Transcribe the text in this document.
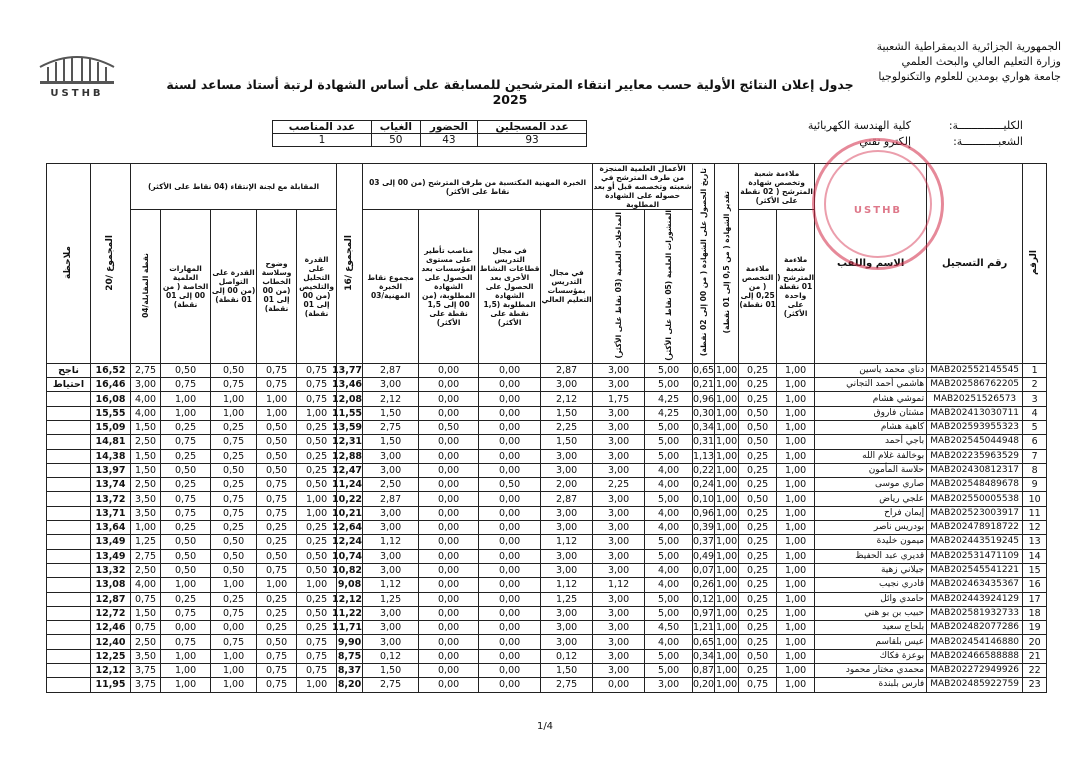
USTHB
الجمهورية الجزائرية الديمقراطية الشعبية
وزارة التعليم العالي والبحث العلمي
جامعة هواري بومدين للعلوم والتكنولوجيا
جدول إعلان النتائج الأولية حسب معايير انتقاء المترشحين للمسابقة على أساس الشهادة لرتبة أستاذ مساعد لسنة 2025
الكليــــــــــــــة:
كلية الهندسة الكهربائية
الشعبـــــــــــة:
إلكترو تقني
عدد المناصب	الغياب	الحضور	عدد المسجلين
1	50	43	93
الرقم	رقم التسجيل	الاسم واللقب	ملاءمة شعبة وتخصص شهادة المترشح ( 02 نقطة على الأكثر)		تقدير الشهادة ( من 0,5 إلى 01 نقطة)	تاريخ الحصول على الشهادة ( من 00 إلى 02 نقطة)	الأعمال العلمية المنجزة من طرف المترشح في شعبته وتخصصه قبل أو بعد حصوله على الشهادة المطلوبة		الخبرة المهنية المكتسبة من طرف المترشح (من 00 إلى 03 نقاط على الأكثر)				المجموع /16	المقابلة مع لجنة الإنتقاء (04 نقاط على الأكثر)					المجموع /20	ملاحظة
			ملاءمة شعبة المترشح ( 01 نقطة واحدة على الأكثر)	ملاءمة التخصص ( من 0,25 إلى 01 نقطة)			المنشورات العلمية (05 نقاط على الأكثر)	المداخلات العلمية (03 نقاط على الأكثر)	في مجال التدريس بمؤسسات التعليم العالي	في مجال التدريس قطاعات النشاط الأخرى بعد الحصول على الشهادة المطلوبة (1,5 نقطة على الأكثر)	مناصب تأطير على مستوى المؤسسات بعد الحصول على الشهادة المطلوبة، (من 00 إلى 1,5 نقطة على الأكثر)	مجموع نقاط الخبرة المهنية/03		القدرة على التحليل والتلخيص (من 00 إلى 01 نقطة)	وضوح وسلاسة الخطاب (من 00 إلى 01 نقطة)	القدرة على التواصل (من 00 إلى 01 نقطة)	المهارات العلمية الخاصة ( من 00 إلى 01 نقطة)	نقطة المقابلة/04		
1	MAB202552145545	دناي محمد ياسين	1,00	0,25	1,00	0,65	5,00	3,00	2,87	0,00	0,00	2,87	13,77	0,75	0,75	0,50	0,50	2,75	16,52	ناجح
2	MAB202586762205	هاشمي أحمد التجاني	1,00	0,25	1,00	0,21	5,00	3,00	3,00	0,00	0,00	3,00	13,46	0,75	0,75	0,75	0,75	3,00	16,46	احتياط
3	MAB20251526573	تموشي هشام	1,00	0,25	1,00	0,96	4,25	1,75	2,12	0,00	0,00	2,12	12,08	0,75	1,00	1,00	1,00	4,00	16,08	
4	MAB202413030711	مشتان فاروق	1,00	0,50	1,00	0,30	4,25	3,00	1,50	0,00	0,00	1,50	11,55	1,00	1,00	1,00	1,00	4,00	15,55	
5	MAB202593955323	كاهية هشام	1,00	0,50	1,00	0,34	5,00	3,00	2,25	0,00	0,50	2,75	13,59	0,25	0,50	0,25	0,25	1,50	15,09	
6	MAB202545044948	باجي أحمد	1,00	0,50	1,00	0,31	5,00	3,00	1,50	0,00	0,00	1,50	12,31	0,50	0,50	0,75	0,75	2,50	14,81	
7	MAB202235963529	بوخالفة غلام الله	1,00	0,25	1,00	1,13	5,00	3,00	3,00	0,00	0,00	3,00	12,88	0,25	0,50	0,25	0,25	1,50	14,38	
8	MAB202430812317	حلاسة المأمون	1,00	0,25	1,00	0,22	4,00	3,00	3,00	0,00	0,00	3,00	12,47	0,25	0,50	0,50	0,50	1,50	13,97	
9	MAB202548489678	صاري موسى	1,00	0,25	1,00	0,24	4,00	2,25	2,00	0,50	0,00	2,50	11,24	0,50	0,75	0,25	0,25	2,50	13,74	
10	MAB202550005538	علجي رياض	1,00	0,50	1,00	0,10	5,00	3,00	2,87	0,00	0,00	2,87	10,22	1,00	0,75	0,75	0,75	3,50	13,72	
11	MAB202523003917	إيمان فراح	1,00	0,25	1,00	0,96	4,00	3,00	3,00	0,00	0,00	3,00	10,21	1,00	0,75	0,75	0,75	3,50	13,71	
12	MAB202478918722	بودريس ناصر	1,00	0,25	1,00	0,39	4,00	3,00	3,00	0,00	0,00	3,00	12,64	0,25	0,25	0,25	0,25	1,00	13,64	
13	MAB202443519245	ميمون خليدة	1,00	0,25	1,00	0,37	5,00	3,00	1,12	0,00	0,00	1,12	12,24	0,25	0,25	0,50	0,50	1,25	13,49	
14	MAB202531471109	قديري عبد الحفيظ	1,00	0,25	1,00	0,49	5,00	3,00	3,00	0,00	0,00	3,00	10,74	0,50	0,50	0,50	0,50	2,75	13,49	
15	MAB202545541221	جيلاني زهية	1,00	0,25	1,00	0,07	4,00	3,00	3,00	0,00	0,00	3,00	10,82	0,50	0,75	0,50	0,50	2,50	13,32	
16	MAB202463435367	قادري نجيب	1,00	0,25	1,00	0,26	4,00	1,12	1,12	0,00	0,00	1,12	9,08	1,00	1,00	1,00	1,00	4,00	13,08	
17	MAB202443924129	حامدي وائل	1,00	0,25	1,00	0,12	5,00	3,00	1,25	0,00	0,00	1,25	12,12	0,25	0,25	0,25	0,25	0,75	12,87	
18	MAB202581932733	حبيب بن بو هني	1,00	0,25	1,00	0,97	5,00	3,00	3,00	0,00	0,00	3,00	11,22	0,50	0,25	0,75	0,75	1,50	12,72	
19	MAB202482077286	بلحاج سعيد	1,00	0,25	1,00	1,21	4,50	3,00	3,00	0,00	0,00	3,00	11,71	0,25	0,25	0,00	0,00	0,75	12,46	
20	MAB202454146880	عيس بلقاسم	1,00	0,25	1,00	0,65	4,00	3,00	3,00	0,00	0,00	3,00	9,90	0,75	0,50	0,75	0,75	2,50	12,40	
21	MAB202466588888	بوعزة فكاك	1,00	0,50	1,00	0,34	5,00	3,00	0,12	0,00	0,00	0,12	8,75	0,75	0,75	1,00	1,00	3,50	12,25	
22	MAB202272949926	محمدي مختار محمود	1,00	0,25	1,00	0,87	5,00	3,00	1,50	0,00	0,00	1,50	8,37	0,75	0,75	1,00	1,00	3,75	12,12	
23	MAB202485922759	فارس بلبندة	1,00	0,75	1,00	0,20	3,00	0,00	2,75	0,00	0,00	2,75	8,20	1,00	0,75	1,00	1,00	3,75	11,95	
USTHB
1/4
